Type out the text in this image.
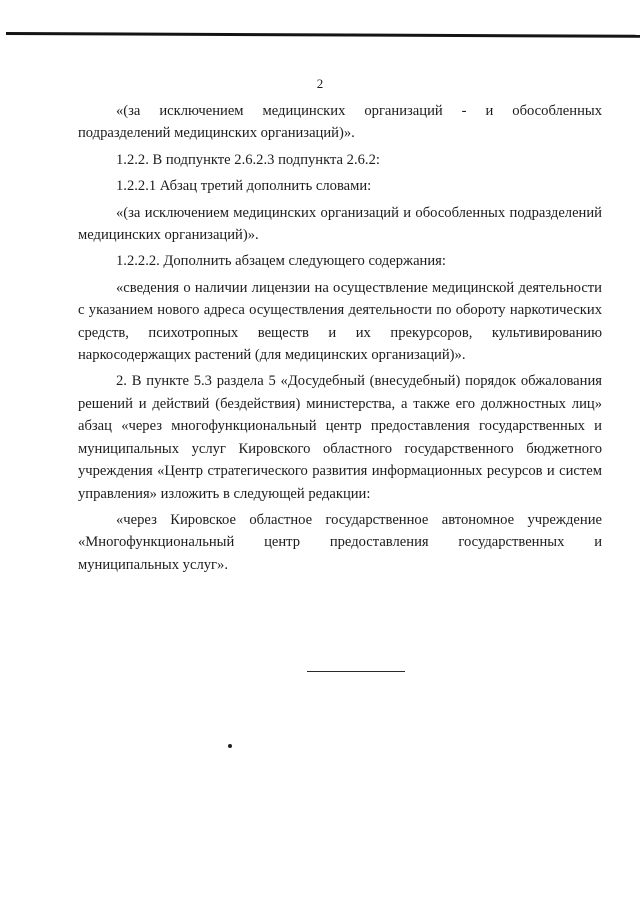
2

«(за исключением медицинских организаций - и обособленных подразделений медицинских организаций)».

1.2.2. В подпункте 2.6.2.3 подпункта 2.6.2:

1.2.2.1 Абзац третий дополнить словами:

«(за исключением медицинских организаций и обособленных подразделений медицинских организаций)».

1.2.2.2. Дополнить абзацем следующего содержания:

«сведения о наличии лицензии на осуществление медицинской деятельности с указанием нового адреса осуществления деятельности по обороту наркотических средств, психотропных веществ и их прекурсоров, культивированию наркосодержащих растений (для медицинских организаций)».

2. В пункте 5.3 раздела 5 «Досудебный (внесудебный) порядок обжалования решений и действий (бездействия) министерства, а также его должностных лиц» абзац «через многофункциональный центр предоставления государственных и муниципальных услуг Кировского областного государственного бюджетного учреждения «Центр стратегического развития информационных ресурсов и систем управления» изложить в следующей редакции:

«через Кировское областное государственное автономное учреждение «Многофункциональный центр предоставления государственных и муниципальных услуг».
